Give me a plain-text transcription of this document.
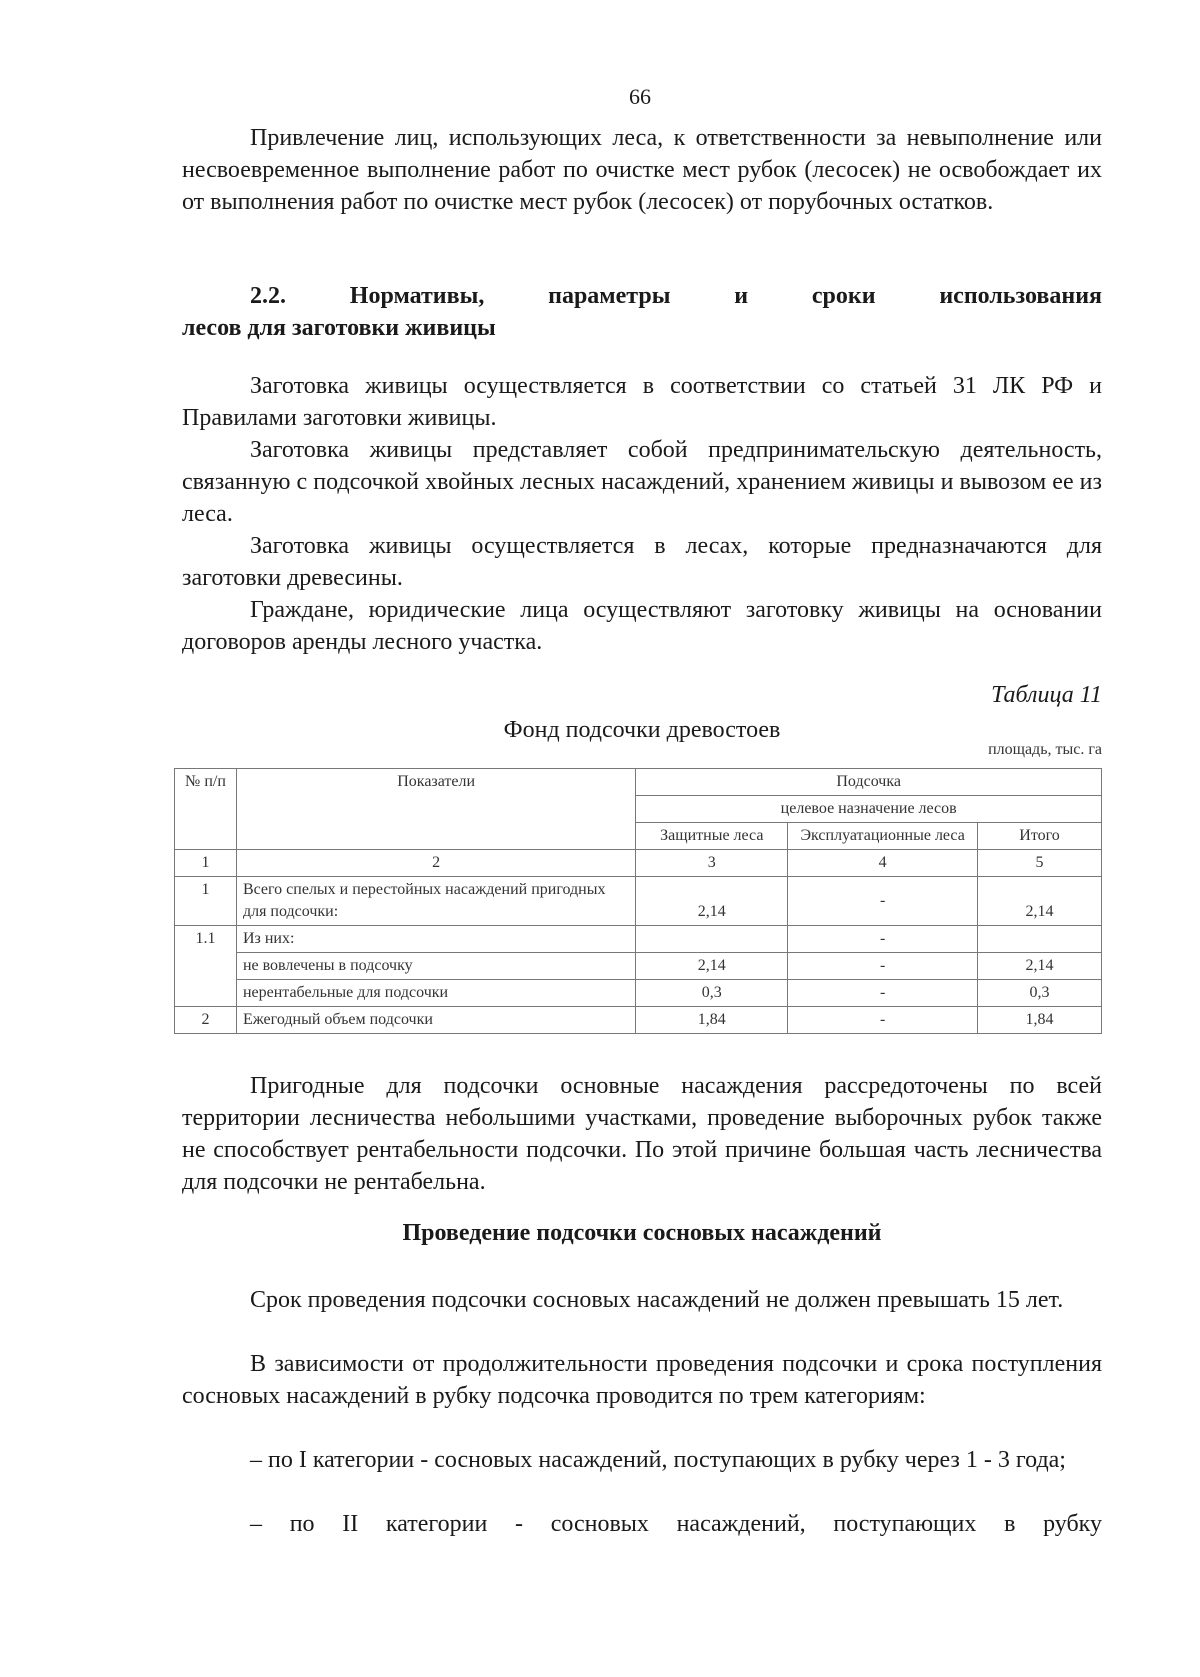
66
Привлечение лиц, использующих леса, к ответственности за невыполнение или несвоевременное выполнение работ по очистке мест рубок (лесосек) не освобождает их от выполнения работ по очистке мест рубок (лесосек) от порубочных остатков.
2.2.	Нормативы,	параметры	и	сроки	использования
лесов для заготовки живицы
Заготовка живицы осуществляется в соответствии со статьей 31 ЛК РФ и Правилами заготовки живицы.
Заготовка живицы представляет собой предпринимательскую деятельность, связанную с подсочкой хвойных лесных насаждений, хранением живицы и вывозом ее из леса.
Заготовка живицы осуществляется в лесах, которые предназначаются для заготовки древесины.
Граждане, юридические лица осуществляют заготовку живицы на основании договоров аренды лесного участка.
Таблица 11
Фонд подсочки древостоев
площадь, тыс. га
№ п/п	Показатели	Подсочка		
		целевое назначение лесов		
		Защитные леса	Эксплуатационные леса	Итого
1	2	3	4	5
1	Всего спелых и перестойных насаждений пригодных для подсочки:	2,14	-	2,14
1.1	Из них:		-	
	не вовлечены в подсочку	2,14	-	2,14
	нерентабельные для подсочки	0,3	-	0,3
2	Ежегодный объем подсочки	1,84	-	1,84
Пригодные для подсочки основные насаждения рассредоточены по всей территории лесничества небольшими участками, проведение выборочных рубок также не способствует рентабельности подсочки. По этой причине большая часть лесничества для подсочки не рентабельна.
Проведение подсочки сосновых насаждений
Срок проведения подсочки сосновых насаждений не должен превышать 15 лет.
В зависимости от продолжительности проведения подсочки и срока поступления сосновых насаждений в рубку подсочка проводится по трем категориям:
– по I категории - сосновых насаждений, поступающих в рубку через 1 - 3 года;
– по II категории - сосновых насаждений, поступающих в рубку
